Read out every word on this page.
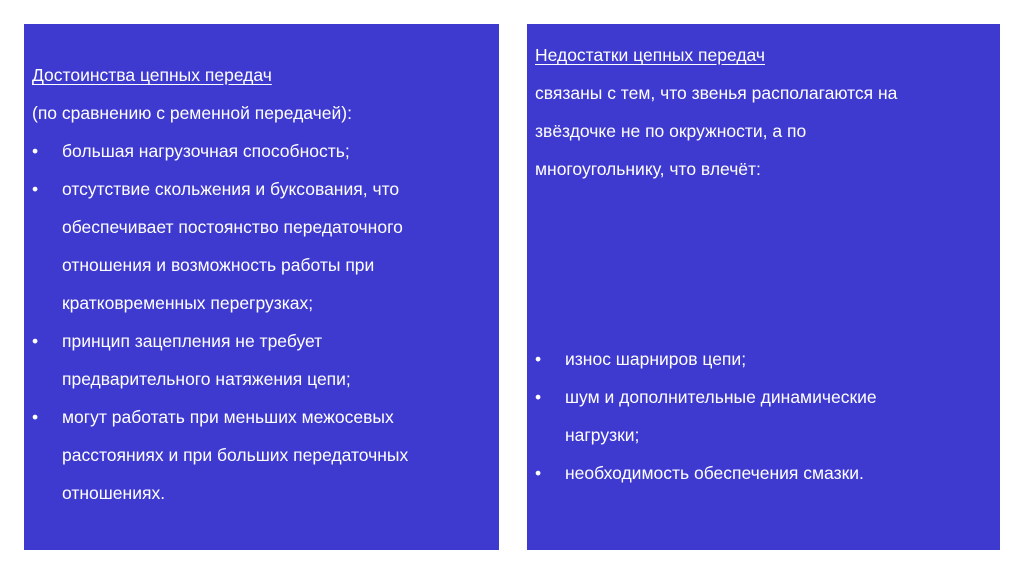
Достоинства цепных передач
(по сравнению с ременной передачей):
•	большая нагрузочная способность;
•	отсутствие скольжения и буксования, что
обеспечивает постоянство передаточного
отношения и возможность работы при
кратковременных перегрузках;
•	принцип зацепления не требует
предварительного натяжения цепи;
•	могут работать при меньших межосевых
расстояниях и при больших передаточных
отношениях.
Недостатки цепных передач
связаны с тем, что звенья располагаются на
звёздочке не по окружности, а по
многоугольнику, что влечёт:
•	износ шарниров цепи;
•	шум и дополнительные динамические
нагрузки;
•	необходимость обеспечения смазки.
